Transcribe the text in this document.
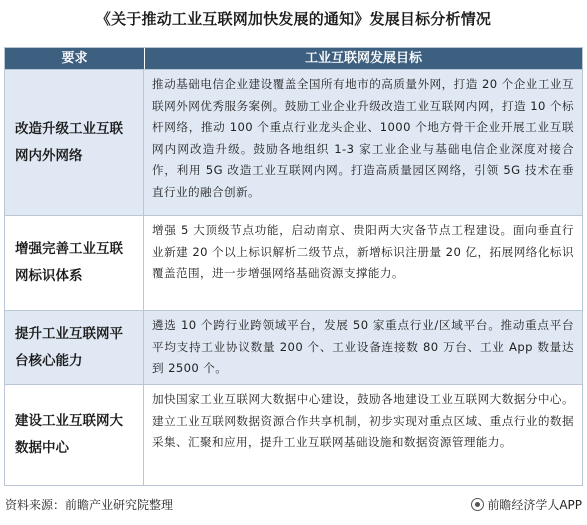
《关于推动工业互联网加快发展的通知》发展目标分析情况
要求	工业互联网发展目标
改造升级工业互联网内外网络
推动基础电信企业建设覆盖全国所有地市的高质量外网，打造 20 个企业工业互联网外网优秀服务案例。鼓励工业企业升级改造工业互联网内网，打造 10 个标杆网络，推动 100 个重点行业龙头企业、1000 个地方骨干企业开展工业互联网内网改造升级。鼓励各地组织 1-3 家工业企业与基础电信企业深度对接合作，利用 5G 改造工业互联网内网。打造高质量园区网络，引领 5G 技术在垂直行业的融合创新。
增强完善工业互联网标识体系
增强 5 大顶级节点功能，启动南京、贵阳两大灾备节点工程建设。面向垂直行业新建 20 个以上标识解析二级节点，新增标识注册量 20 亿，拓展网络化标识覆盖范围，进一步增强网络基础资源支撑能力。
提升工业互联网平台核心能力
遴选 10 个跨行业跨领域平台，发展 50 家重点行业/区域平台。推动重点平台平均支持工业协议数量 200 个、工业设备连接数 80 万台、工业 App 数量达到 2500 个。
建设工业互联网大数据中心
加快国家工业互联网大数据中心建设，鼓励各地建设工业互联网大数据分中心。建立工业互联网数据资源合作共享机制，初步实现对重点区域、重点行业的数据采集、汇聚和应用，提升工业互联网基础设施和数据资源管理能力。
资料来源：前瞻产业研究院整理	前瞻经济学人APP
